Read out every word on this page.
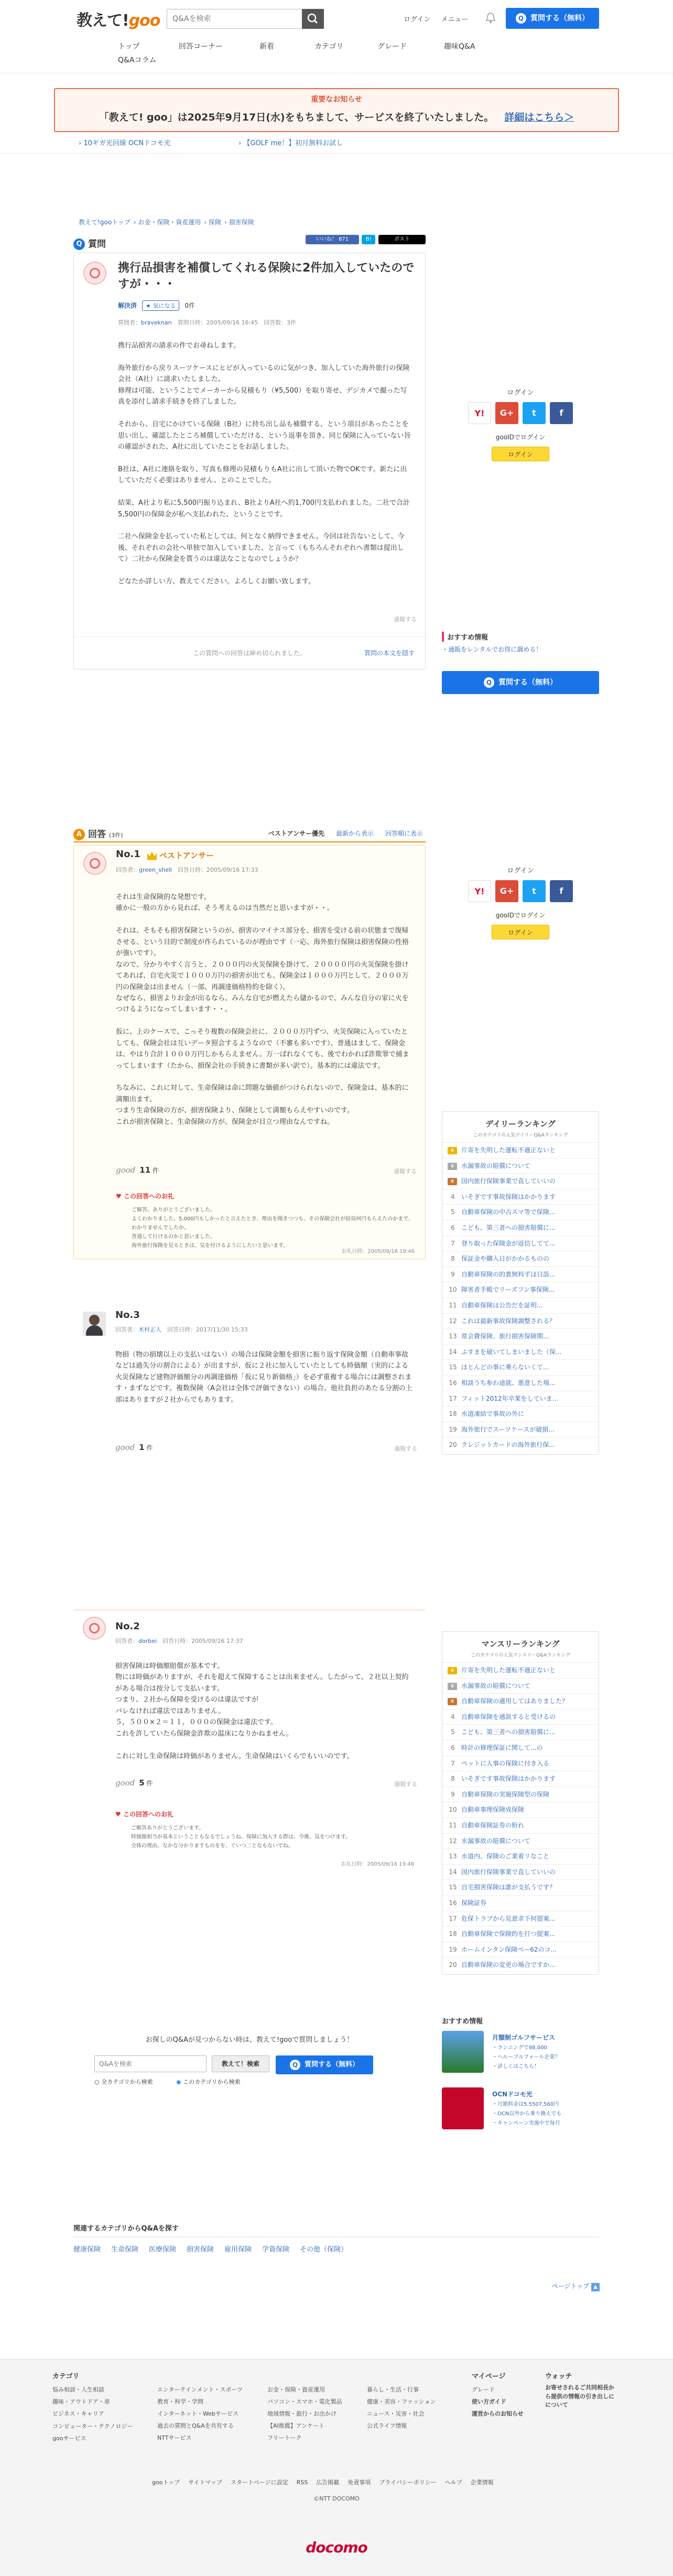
教えて!goo
Q&Aを検索	ログイン メニュー	Q 質問する（無料）
トップ	回答コーナー	新着	カテゴリ	グレード	趣味Q&A
Q&Aコラム
重要なお知らせ
「教えて! goo」は2025年9月17日(水)をもちまして、サービスを終了いたしました。 詳細はこちら＞
› 10ギガ光回線 OCNドコモ光	› 【GOLF me！】初月無料お試し
教えて!gooトップ › お金・保険・資産運用 › 保険 › 損害保険
いいね！ 871	B!	ポスト
Q 質問
携行品損害を補償してくれる保険に2件加入していたのですが・・・
解決済 ★ 気になる 0件
質問者：braveknan　 質問日時：2005/09/16 16:45　 回答数：3件
携行品損害の請求の件でお尋ねします。

海外旅行から戻りスーツケースにヒビが入っているのに気がつき、加入していた海外旅行の保険会社（A社）に請求いたしました。
修理は可能、ということでメーカーから見積もり（¥5,500）を取り寄せ、デジカメで撮った写真を添付し請求手続きを終了しました。

それから、自宅にかけている保険（B社）に持ち出し品も補償する、という項目があったことを思い出し、確認したところ補償していただける、という返事を頂き、同じ保険に入っていない旨の確認がされた、A社に出していたことをお話しました。

B社は、A社に連絡を取り、写真も修理の見積もりもA社に出して頂いた物でOKです。新たに出していただく必要はありません、とのことでした。

結果、A社より私に5,500円振り込まれ、B社よりA社へ約1,700円支払われました。二社で合計5,500円の保障金が私へ支払われた、ということです。

二社へ保険金を払っていた私としては、何となく納得できません。今回は社告ないとして、今後、それぞれの会社へ単独で加入していました、と言って（もちろんそれぞれへ書類は提出して）二社から保険金を貰うのは違法なことなのでしょうか？

どなたか詳しい方、教えてください。よろしくお願い致します。
通報する
この質問への回答は締め切られました。	質問の本文を隠す
ログイン
Y!	G+	t	f
gooIDでログイン
ログイン
おすすめ情報
・通販をレンタルでお得に調める！
Q 質問する（無料）
A 回答 (3件)	ベストアンサー優先 最新から表示 回答順に表示
No.1	ベストアンサー
回答者：green_shell　 回答日時：2005/09/16 17:33
それは生命保険的な発想です。
確かに一般の方から見れば、そう考えるのは当然だと思いますが・・。

それは、そもそも損害保険というのが、損害のマイナス部分を、損害を受ける前の状態まで復帰させる、という目的で制度が作られているのが理由です（一応、海外旅行保険は損害保険の性格が強いです）。
なので、分かりやすく言うと、２０００円の火災保険を掛けて、２００００円の火災保険を掛けてあれば、自宅火災で１０００万円の損害が出ても、保険金は１０００万円として、２０００万円の保険金は出ません（一部、再調達価格特約を除く）。
なぜなら、損害よりお金が出るなら、みんな自宅が燃えたら儲かるので、みんな自分の家に火をつけるようになってしまいます・・。

仮に、上のケースで、こっそり複数の保険会社に、２０００万円ずつ、火災保険に入っていたとしても、保険会社は互いデータ照会するようなので（不審も多いです）、普通はまして、保険金は、やはり合計１０００万円しかもらえません。万一ばれなくても、後でわかれば詐欺罪で捕まってしまいます（たから、損保会社の手続きに書類が多い訳で）。基本的には違法です。

ちなみに、これに対して、生命保険は命に問題な価値がつけられないので、保険金は、基本的に満額出ます。
つまり生命保険の方が、損害保険より、保険として満額もらえやすいのです。
これが損害保険と、生命保険の方が、保険金が目立つ理由なんですね。
good 11 件	通報する
♥ この回答へのお礼
ご解答、ありがとうございました。
よくわかりました。5,000円もしかったと言えたとき、理由を聞きつつも、その保険会社が結局何円もらえたのかまで、わかりませんでしたか。
普通して行けるのかと思いました。
海外旅行保険を見るときは、気を付けるようにしたいと思います。
お礼日時：2005/09/16 19:46
No.3
回答者：木村正人　 回答日時：2017/11/30 15:33
物損（物の損壊以上の支払いはない）の場合は保険金額を損害に振り返す保険金額（自動車事故などは過失分の割合による）が出ますが、仮に２社に加入していたとしても時価額（実的による火災保険など建物評価額分の再調達価格「仮に見り新価格」）を必ず重複する場合には調整されます・まずなどです。複数保険（A会社は全体で評価できない）の場合、他社負担のあたる分割の上部はありますが２社からでもあります。
good 1 件	通報する
No.2
回答者：dorbei　 回答日時：2005/09/16 17:37
損害保険は時価額賠償が基本です。
物には時価がありますが、それを超えて保障することは出来ません。したがって、２社以上契約がある場合は按分して支払います。
つまり、２社から保障を受けるのは違法ですが
バレなければ違法ではありません。
５，５００×２＝１１，０００の保険金は違法です。
これを許していたら保険金詐欺の温床になりかねません。

これに対し生命保険は時価がありません。生命保険はいくらでもいいのです。
good 5 件	通報する
♥ この回答へのお礼
ご解答ありがとうございます。
時価額相当が基本ということもなるでしょうね。保険に加入する際は、今後、気をつけます。
全体の理由、なかな分かりますものをを、ぐいつ二となもないでね。
お礼日時：2005/09/16 19:48
ログイン
Y!	G+	t	f
gooIDでログイン
ログイン
デイリーランキング
このカテゴリの人気デイリーQ&Aランキング
♛	片寄を失明した運転不適正ないと
♛	水漏事故の賠償について
♛	国内旅行保険事業で直していいの
4	いそぎです事故保険はかかります
5	自動車保険の中古スマ等で保険...
6	こども、第三者への損害賠償に...
7	登り取った保険金が返信してて...
8	保証金や購入日がかかるものの
9	自動車保険の的責無料ずは日設...
10 障害者手帳でリーズフン事保険...
11 自動車保険は公告だを証明...
12 これは最新事故保険調整される？
13 常会費保険、旅行損害保険期...
14 ふすまを破いてしまいました（保...
15 ほとんどの事に乗らないくて...
16 相談うち参わ途就、悪意した場...
17 フィット2012年卒業をしていま...
18 水道凍結で事故の外に
19 海外旅行でスーツケースが破損...
20 クレジットカードの海外旅行保...
マンスリーランキング
このカテゴリの人気マンスリーQ&Aランキング
♛	片寄を失明した運転不適正ないと
♛	水漏事故の賠償について
♛	自動車保険の適用してはありました？
4	自動車保険を通説すると受けるの
5	こども、第三者への損害賠償に...
6	時計の修理保証に関して...の
7	ペットに人事の保険に付き入る
8	いそぎです事故保険はかかります
9	自動車保険の実施保険型の保険
10 自動車事理保険成保険
11 自動車保険証券の紛れ
12 水漏事故の賠償について
13 水道内、保険のご業着リなこと
14 国内旅行保険事業で直していいの
15 自宅損害保険は誰が支払うです？
16 保険証券
17 危保トラブから見意求下何提案...
18 自動車保険で保険的を打つ提案...
19 ホームインタン保険ペー62のコ...
20 自動車保険の変更の場合ですか...
おすすめ情報
月額制ゴルフサービス
・ランニングで98,000
・ヘルーゴルフォール企業？
・詳しくはこちら！
OCNドコモ光
・月額料金は5,5507,560円
・OCN以外から乗り換えでも
・キャンペーン実施中で毎月
お探しのQ&Aが見つからない時は、教えて!gooで質問しましょう！
Q&Aを検索
教えて！検索
○ 全カテゴリから検索	◉ このカテゴリから検索
Q 質問する（無料）
関連するカテゴリからQ&Aを探す
健康保険 生命保険 医療保険 損害保険 雇用保険 学資保険 その他（保険）
ページトップ ▲
カテゴリ
悩み相談・人生相談
趣味・アウトドア・車
ビジネス・キャリア
コンピューター・テクノロジー
gooサービス
エンターテインメント・スポーツ
教育・科学・学問
インターネット・Webサービス
過去の質問とQ&Aを共有する
NTTサービス
お金・保険・資産運用
パソコン・スマホ・電化製品
地域情報・旅行・お出かけ
【AI推薦】アンケート
フリートーク
暮らし・生活・行事
健康・美容・ファッション
ニュース・災害・社会
公式ライフ情報
マイページ
グレード
使い方ガイド
運営からのお知らせ
ウォッチ
お寄せされるご共同相長から提供の情報の引き出しにについて
gooトップ サイトマップ スタートページに設定 RSS 広告掲載 免責事項 プライバシーポリシー ヘルプ 企業情報
©NTT DOCOMO
docomo
